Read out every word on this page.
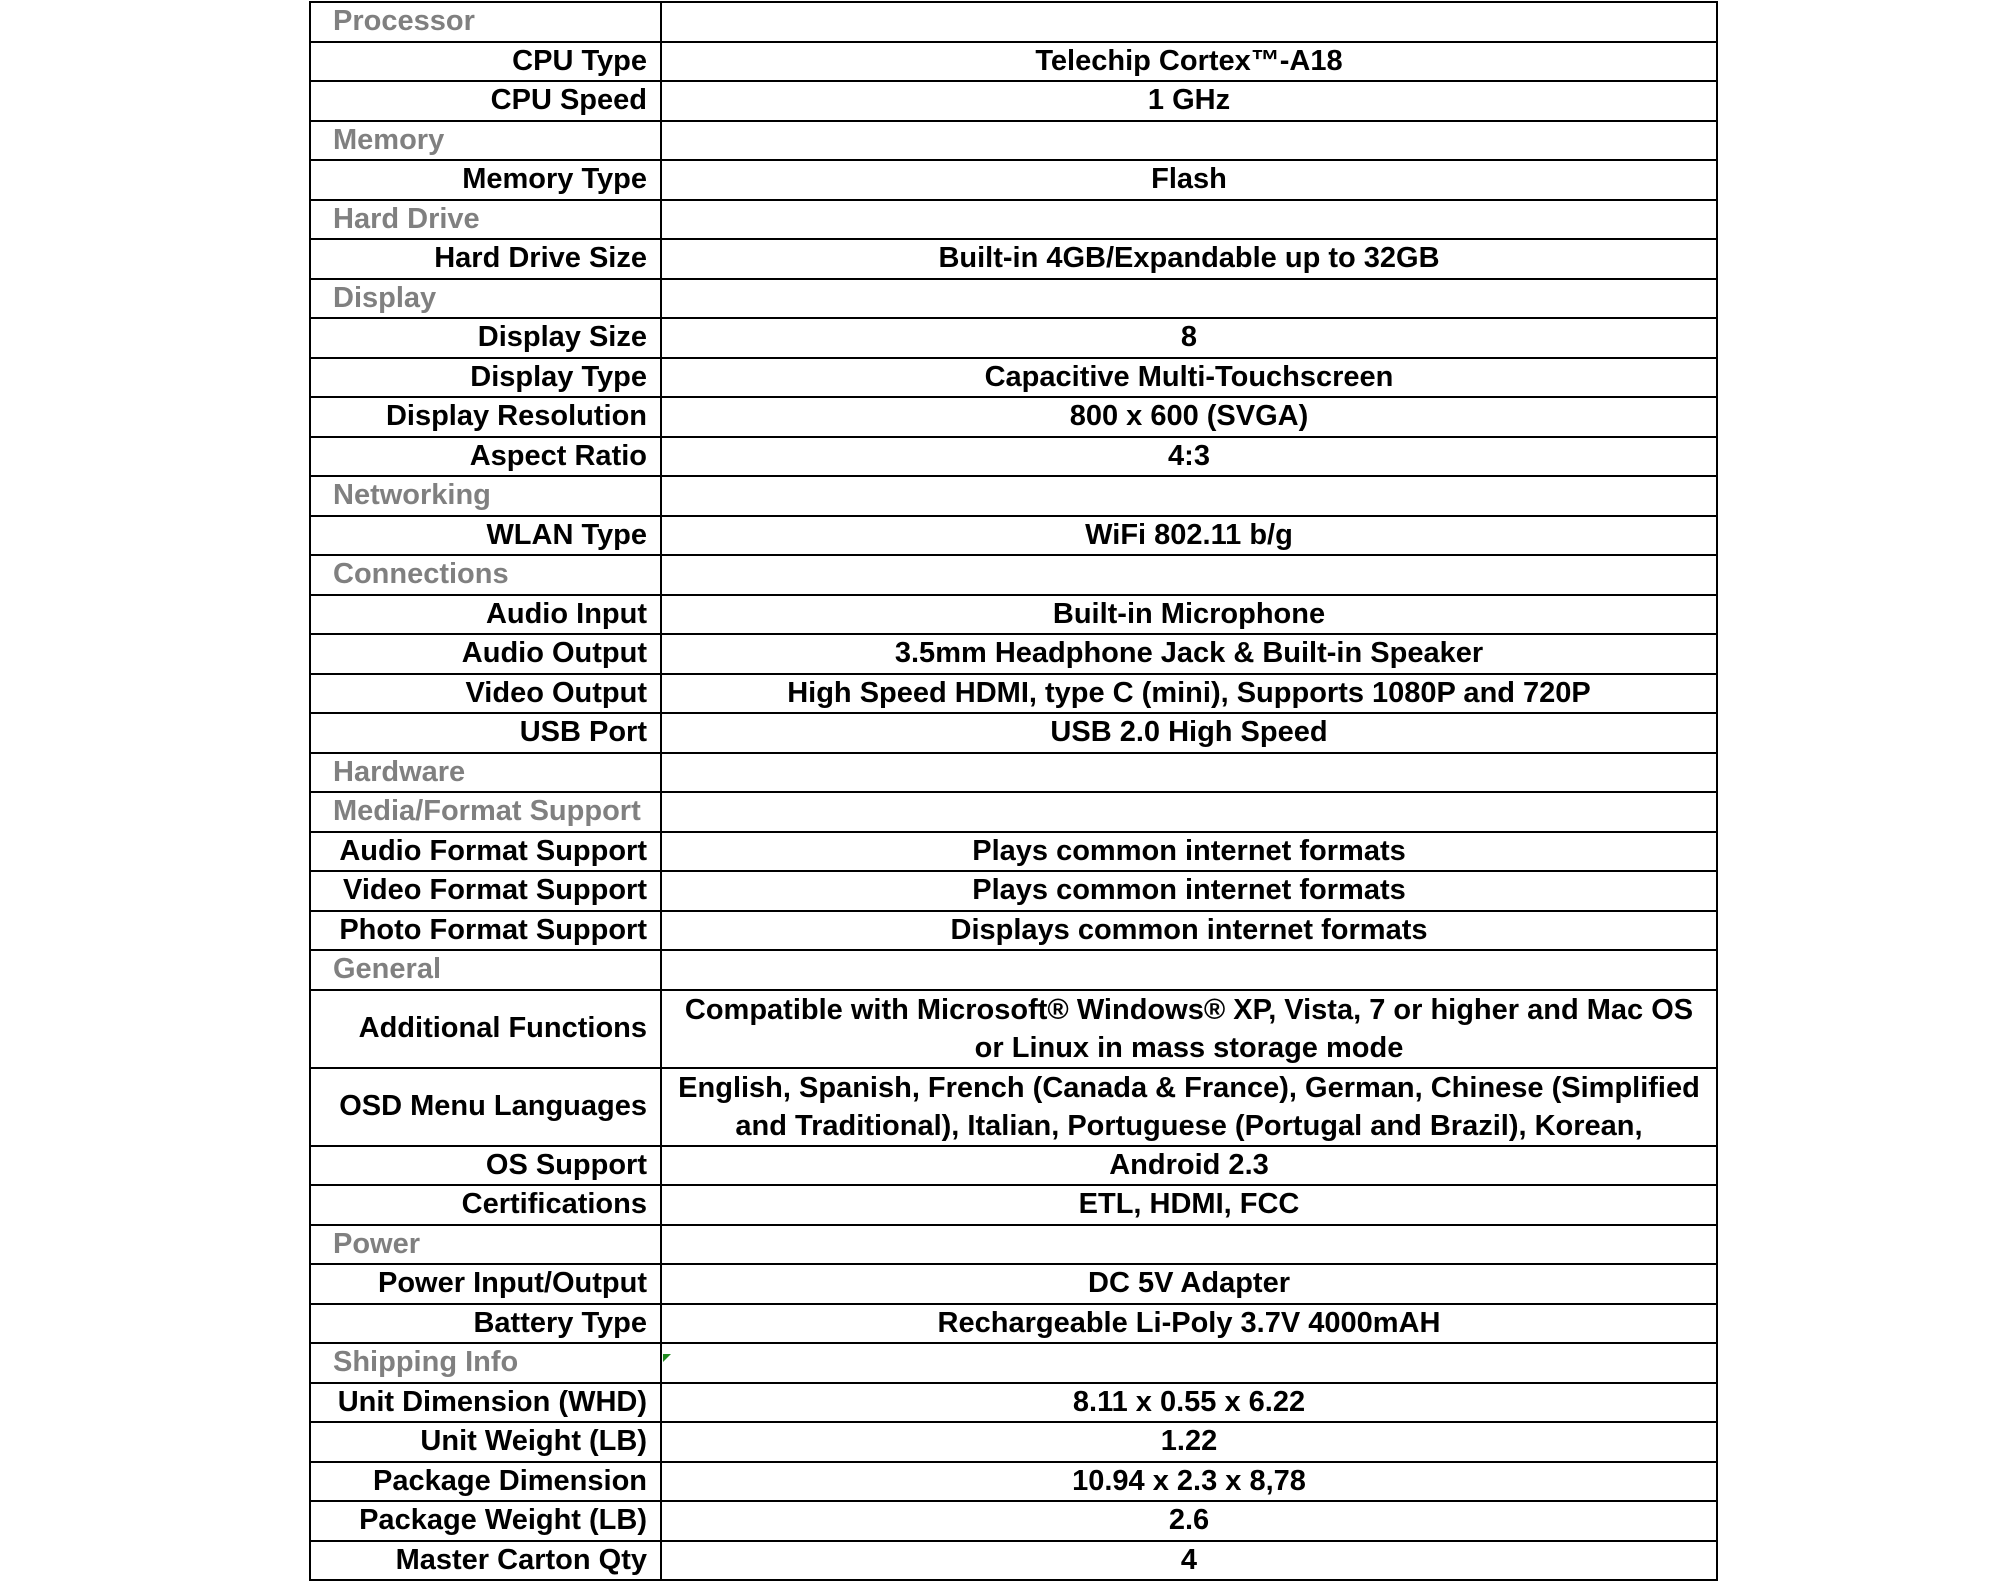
Processor	
CPU Type	Telechip Cortex™-A18
CPU Speed	1 GHz
Memory	
Memory Type	Flash
Hard Drive	
Hard Drive Size	Built-in 4GB/Expandable up to 32GB
Display	
Display Size	8
Display Type	Capacitive Multi-Touchscreen
Display Resolution	800 x 600 (SVGA)
Aspect Ratio	4:3
Networking	
WLAN Type	WiFi 802.11 b/g
Connections	
Audio Input	Built-in Microphone
Audio Output	3.5mm Headphone Jack & Built-in Speaker
Video Output	High Speed HDMI, type C (mini), Supports 1080P and 720P
USB Port	USB 2.0 High Speed
Hardware	
Media/Format Support	
Audio Format Support	Plays common internet formats
Video Format Support	Plays common internet formats
Photo Format Support	Displays common internet formats
General	
Additional Functions	Compatible with Microsoft® Windows® XP, Vista, 7 or higher and Mac OS or Linux in mass storage mode
OSD Menu Languages	English, Spanish, French (Canada & France), German, Chinese (Simplified and Traditional), Italian, Portuguese (Portugal and Brazil), Korean,
OS Support	Android 2.3
Certifications	ETL, HDMI, FCC
Power	
Power Input/Output	DC 5V Adapter
Battery Type	Rechargeable Li-Poly 3.7V 4000mAH
Shipping Info	
Unit Dimension (WHD)	8.11 x 0.55 x 6.22
Unit Weight (LB)	1.22
Package Dimension	10.94 x 2.3 x 8,78
Package Weight (LB)	2.6
Master Carton Qty	4
